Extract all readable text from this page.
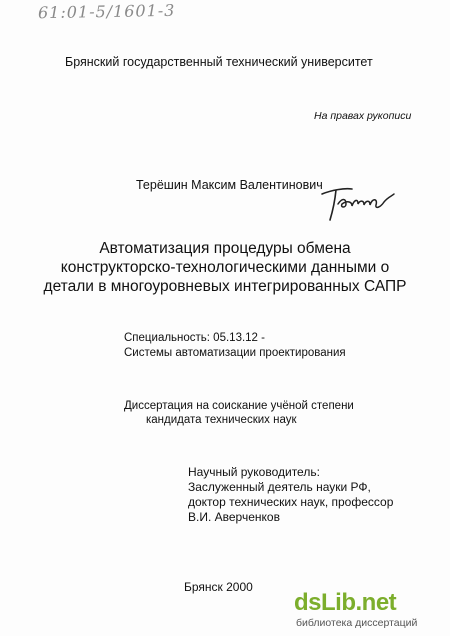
61:01-5/1601-3
Брянский государственный технический университет
На правах рукописи
Терёшин Максим Валентинович
Автоматизация процедуры обмена
конструкторско-технологическими данными о
детали в многоуровневых интегрированных САПР
Специальность: 05.13.12 -
Системы автоматизации проектирования
Диссертация на соискание учёной степени
кандидата технических наук
Научный руководитель:
Заслуженный деятель науки РФ,
доктор технических наук, профессор
В.И. Аверченков
Брянск 2000
dsLib.net
библиотека диссертаций
